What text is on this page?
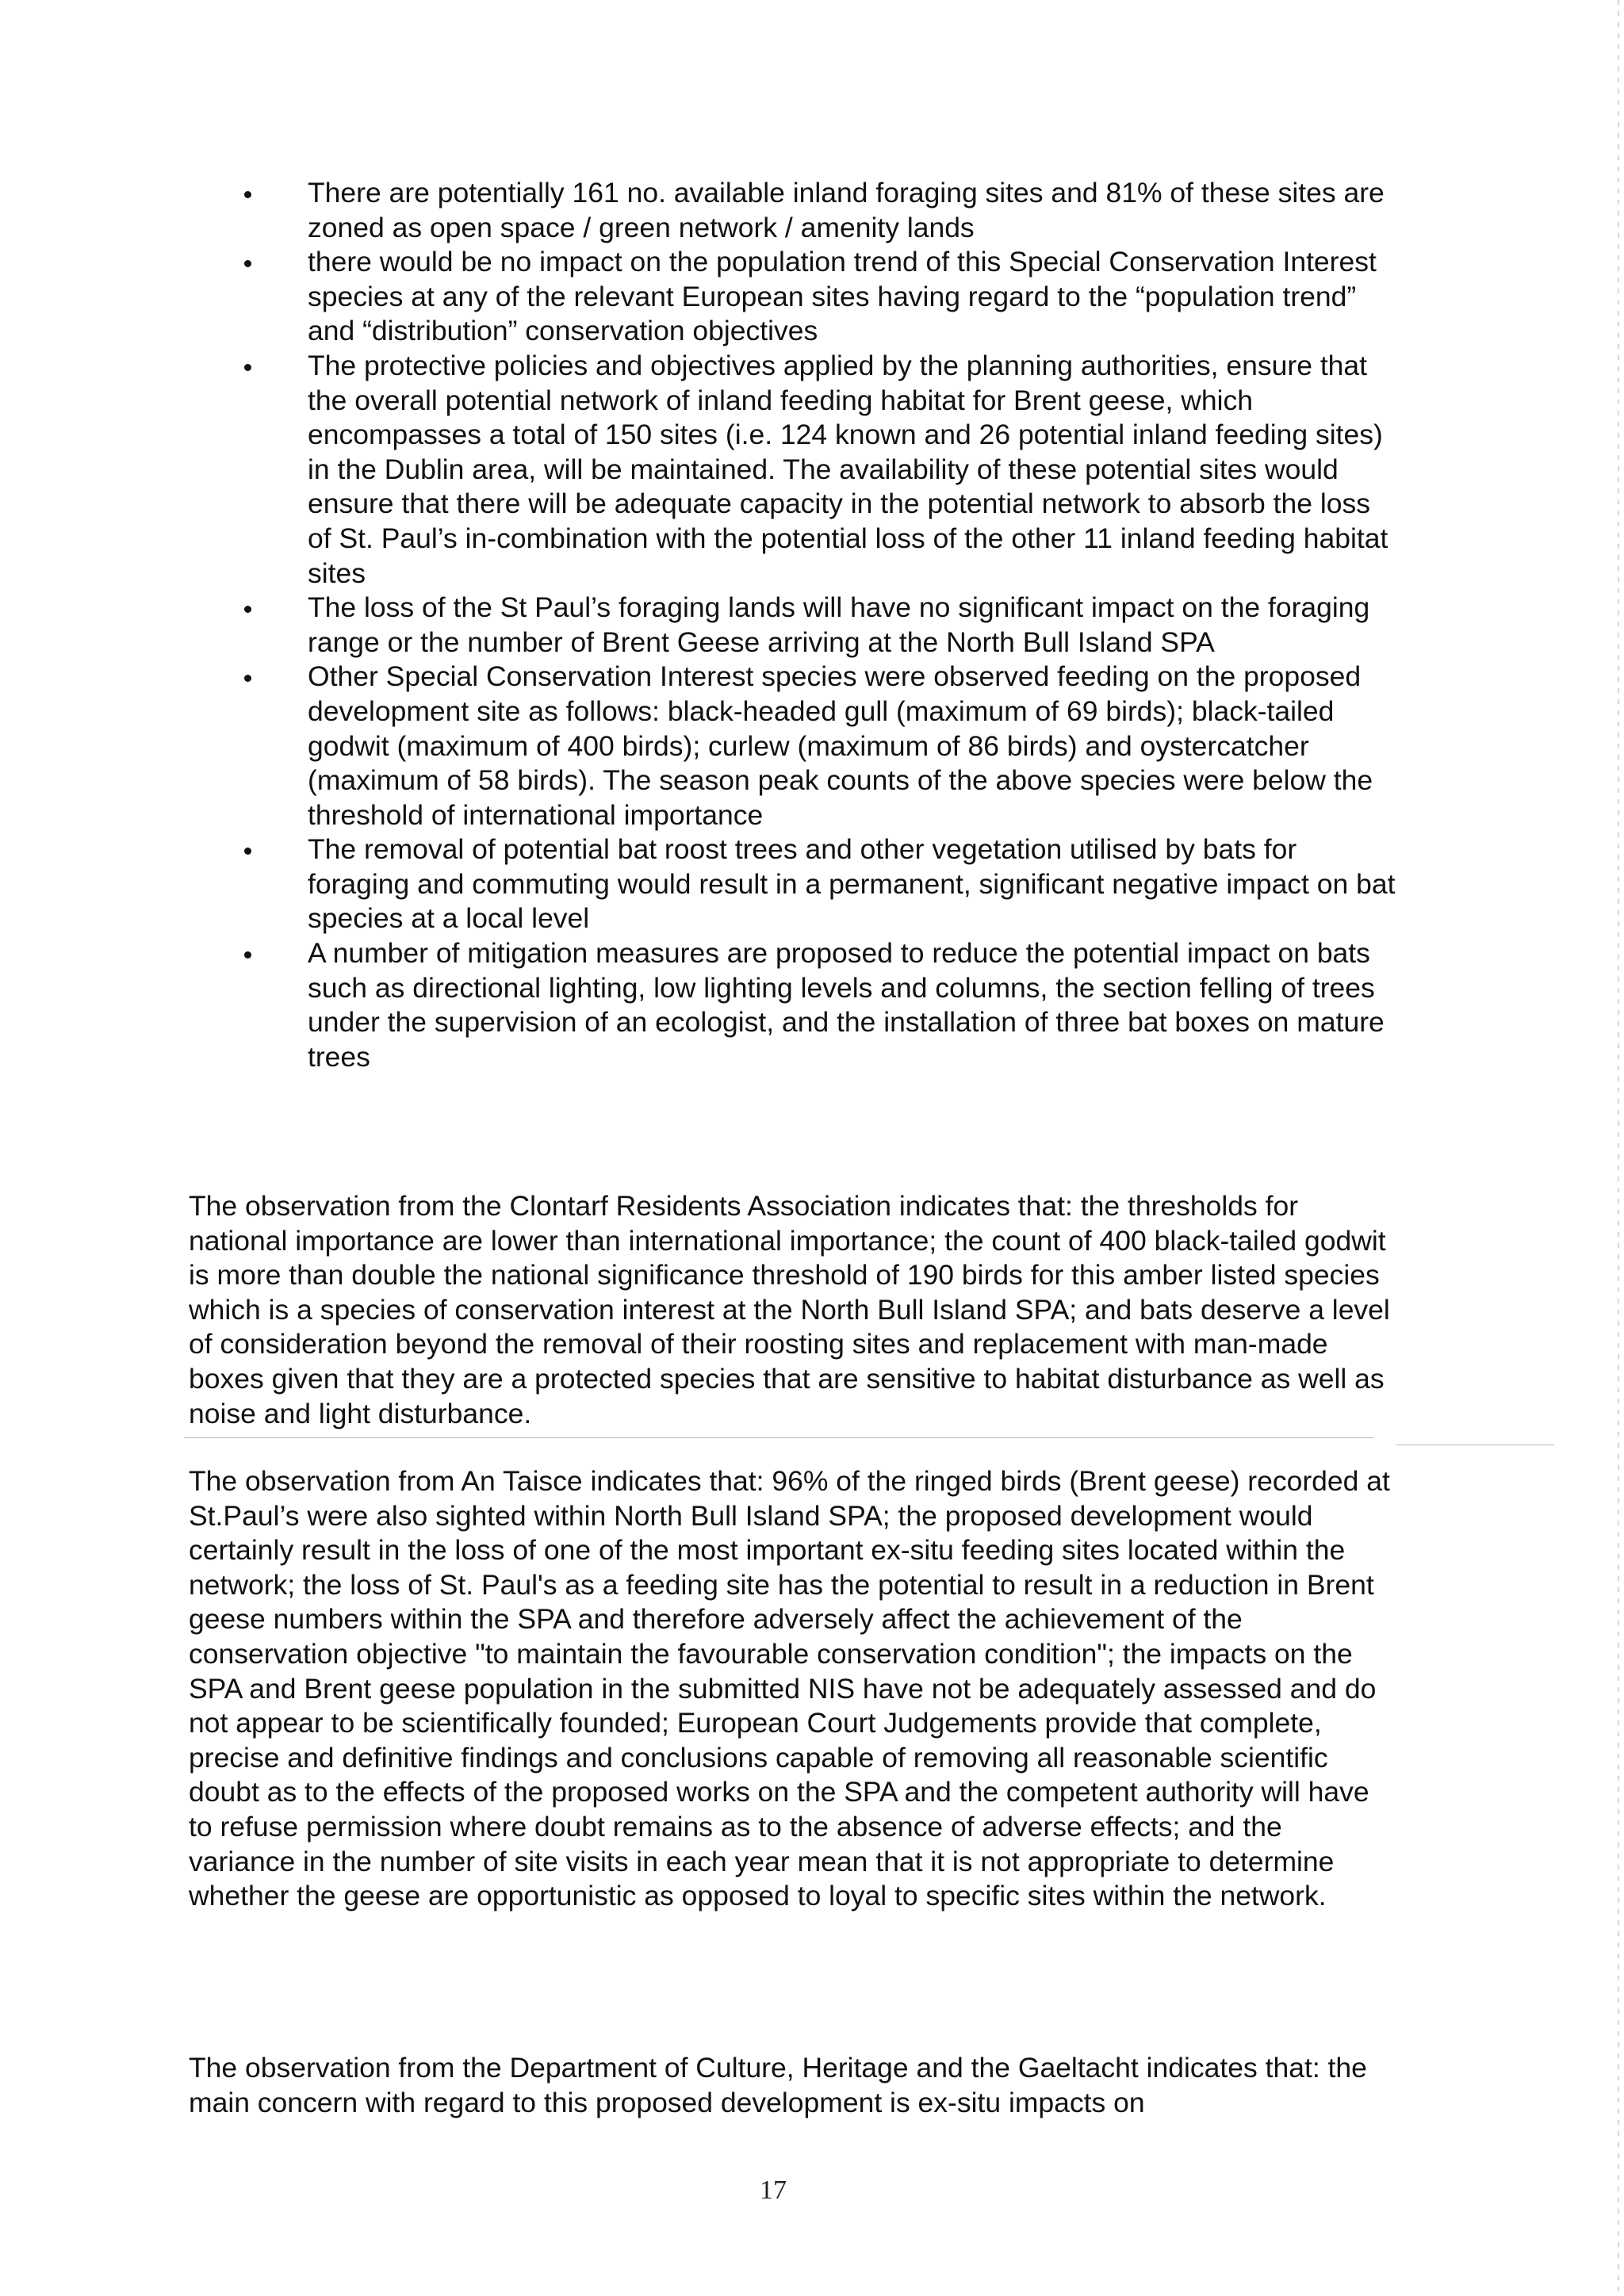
There are potentially 161 no. available inland foraging sites and 81% of these sites are zoned as open space / green network / amenity lands
there would be no impact on the population trend of this Special Conservation Interest species at any of the relevant European sites having regard to the “population trend” and “distribution” conservation objectives
The protective policies and objectives applied by the planning authorities, ensure that the overall potential network of inland feeding habitat for Brent geese, which encompasses a total of 150 sites (i.e. 124 known and 26 potential inland feeding sites) in the Dublin area, will be maintained. The availability of these potential sites would ensure that there will be adequate capacity in the potential network to absorb the loss of St. Paul’s in-combination with the potential loss of the other 11 inland feeding habitat sites
The loss of the St Paul’s foraging lands will have no significant impact on the foraging range or the number of Brent Geese arriving at the North Bull Island SPA
Other Special Conservation Interest species were observed feeding on the proposed development site as follows: black-headed gull (maximum of 69 birds); black-tailed godwit (maximum of 400 birds); curlew (maximum of 86 birds) and oystercatcher (maximum of 58 birds). The season peak counts of the above species were below the threshold of international importance
The removal of potential bat roost trees and other vegetation utilised by bats for foraging and commuting would result in a permanent, significant negative impact on bat species at a local level
A number of mitigation measures are proposed to reduce the potential impact on bats such as directional lighting, low lighting levels and columns, the section felling of trees under the supervision of an ecologist, and the installation of three bat boxes on mature trees

The observation from the Clontarf Residents Association indicates that: the thresholds for national importance are lower than international importance; the count of 400 black-tailed godwit is more than double the national significance threshold of 190 birds for this amber listed species which is a species of conservation interest at the North Bull Island SPA; and bats deserve a level of consideration beyond the removal of their roosting sites and replacement with man-made boxes given that they are a protected species that are sensitive to habitat disturbance as well as noise and light disturbance.

The observation from An Taisce indicates that: 96% of the ringed birds (Brent geese) recorded at St.Paul’s were also sighted within North Bull Island SPA; the proposed development would certainly result in the loss of one of the most important ex-situ feeding sites located within the network; the loss of St. Paul's as a feeding site has the potential to result in a reduction in Brent geese numbers within the SPA and therefore adversely affect the achievement of the conservation objective "to maintain the favourable conservation condition"; the impacts on the SPA and Brent geese population in the submitted NIS have not be adequately assessed and do not appear to be scientifically founded; European Court Judgements provide that complete, precise and definitive findings and conclusions capable of removing all reasonable scientific doubt as to the effects of the proposed works on the SPA and the competent authority will have to refuse permission where doubt remains as to the absence of adverse effects; and the variance in the number of site visits in each year mean that it is not appropriate to determine whether the geese are opportunistic as opposed to loyal to specific sites within the network.

The observation from the Department of Culture, Heritage and the Gaeltacht indicates that: the main concern with regard to this proposed development is ex-situ impacts on

17
